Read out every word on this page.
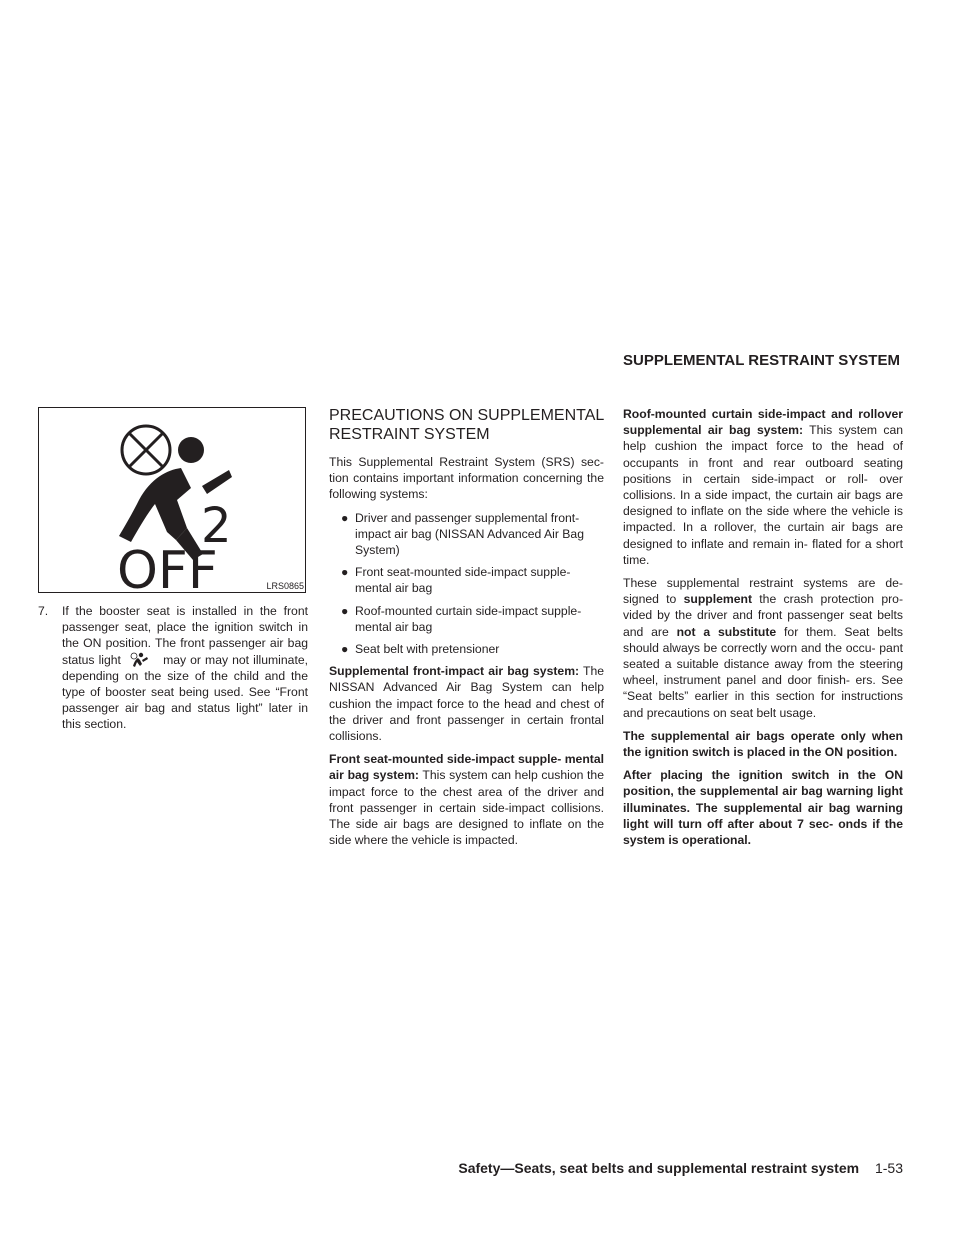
2
OFF	LRS0865

7. If the booster seat is installed in the front passenger seat, place the ignition switch in the ON position. The front passenger air bag status light	may or may not illuminate, depending on the size of the child and the type of booster seat being used. See “Front passenger air bag and status light” later in this section.

SUPPLEMENTAL RESTRAINT SYSTEM

PRECAUTIONS ON SUPPLEMENTAL RESTRAINT SYSTEM

This Supplemental Restraint System (SRS) sec- tion contains important information concerning the following systems:

● Driver and passenger supplemental front- impact air bag (NISSAN Advanced Air Bag System)
● Front seat-mounted side-impact supple- mental air bag
● Roof-mounted curtain side-impact supple- mental air bag
● Seat belt with pretensioner

Supplemental front-impact air bag system: The NISSAN Advanced Air Bag System can help cushion the impact force to the head and chest of the driver and front passenger in certain frontal collisions.

Front seat-mounted side-impact supple- mental air bag system: This system can help cushion the impact force to the chest area of the driver and front passenger in certain side-impact collisions. The side air bags are designed to inflate on the side where the vehicle is impacted.

Roof-mounted curtain side-impact and rollover supplemental air bag system: This system can help cushion the impact force to the head of occupants in front and rear outboard seating positions in certain side-impact or roll- over collisions. In a side impact, the curtain air bags are designed to inflate on the side where the vehicle is impacted. In a rollover, the curtain air bags are designed to inflate and remain in- flated for a short time.

These supplemental restraint systems are de- signed to supplement the crash protection pro- vided by the driver and front passenger seat belts and are not a substitute for them. Seat belts should always be correctly worn and the occu- pant seated a suitable distance away from the steering wheel, instrument panel and door finish- ers. See “Seat belts” earlier in this section for instructions and precautions on seat belt usage.

The supplemental air bags operate only when the ignition switch is placed in the ON position.

After placing the ignition switch in the ON position, the supplemental air bag warning light illuminates. The supplemental air bag warning light will turn off after about 7 sec- onds if the system is operational.

Safety—Seats, seat belts and supplemental restraint system 1-53
